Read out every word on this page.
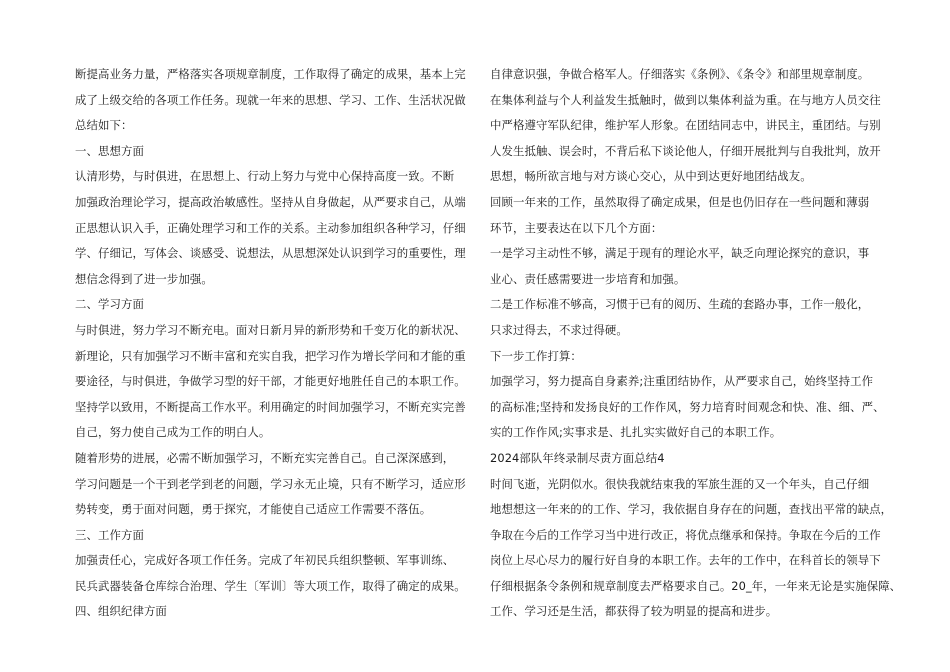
断提高业务力量，严格落实各项规章制度，工作取得了确定的成果，基本上完
成了上级交给的各项工作任务。现就一年来的思想、学习、工作、生活状况做
总结如下：
一、思想方面
认清形势，与时俱进，在思想上、行动上努力与党中心保持高度一致。不断
加强政治理论学习，提高政治敏感性。坚持从自身做起，从严要求自己，从端
正思想认识入手，正确处理学习和工作的关系。主动参加组织各种学习，仔细
学、仔细记，写体会、谈感受、说想法，从思想深处认识到学习的重要性，理
想信念得到了进一步加强。
二、学习方面
与时俱进，努力学习不断充电。面对日新月异的新形势和千变万化的新状况、
新理论，只有加强学习不断丰富和充实自我，把学习作为增长学问和才能的重
要途径，与时俱进，争做学习型的好干部，才能更好地胜任自己的本职工作。
坚持学以致用，不断提高工作水平。利用确定的时间加强学习，不断充实完善
自己，努力使自己成为工作的明白人。
随着形势的进展，必需不断加强学习，不断充实完善自己。自己深深感到，
学习问题是一个干到老学到老的问题，学习永无止境，只有不断学习，适应形
势转变，勇于面对问题，勇于探究，才能使自己适应工作需要不落伍。
三、工作方面
加强责任心，完成好各项工作任务。完成了年初民兵组织整顿、军事训练、
民兵武器装备仓库综合治理、学生〔军训〕等大项工作，取得了确定的成果。
四、组织纪律方面
自律意识强，争做合格军人。仔细落实《条例》、《条令》和部里规章制度。
在集体利益与个人利益发生抵触时，做到以集体利益为重。在与地方人员交往
中严格遵守军队纪律，维护军人形象。在团结同志中，讲民主，重团结。与别
人发生抵触、误会时，不背后私下谈论他人，仔细开展批判与自我批判，放开
思想，畅所欲言地与对方谈心交心，从中到达更好地团结战友。
回顾一年来的工作，虽然取得了确定成果，但是也仍旧存在一些问题和薄弱
环节，主要表达在以下几个方面：
一是学习主动性不够，满足于现有的理论水平，缺乏向理论探究的意识，事
业心、责任感需要进一步培育和加强。
二是工作标准不够高，习惯于已有的阅历、生疏的套路办事，工作一般化，
只求过得去，不求过得硬。
下一步工作打算：
加强学习，努力提高自身素养;注重团结协作，从严要求自己，始终坚持工作
的高标准;坚持和发扬良好的工作作风，努力培育时间观念和快、准、细、严、
实的工作作风;实事求是、扎扎实实做好自己的本职工作。
2024部队年终录制尽责方面总结4
时间飞逝，光阴似水。很快我就结束我的军旅生涯的又一个年头，自己仔细
地想想这一年来的的工作、学习，我依据自身存在的问题，查找出平常的缺点，
争取在今后的工作学习当中进行改正，将优点继承和保持。争取在今后的工作
岗位上尽心尽力的履行好自身的本职工作。去年的工作中，在科首长的领导下
仔细根据条令条例和规章制度去严格要求自己。20_年，一年来无论是实施保障、
工作、学习还是生活，都获得了较为明显的提高和进步。
